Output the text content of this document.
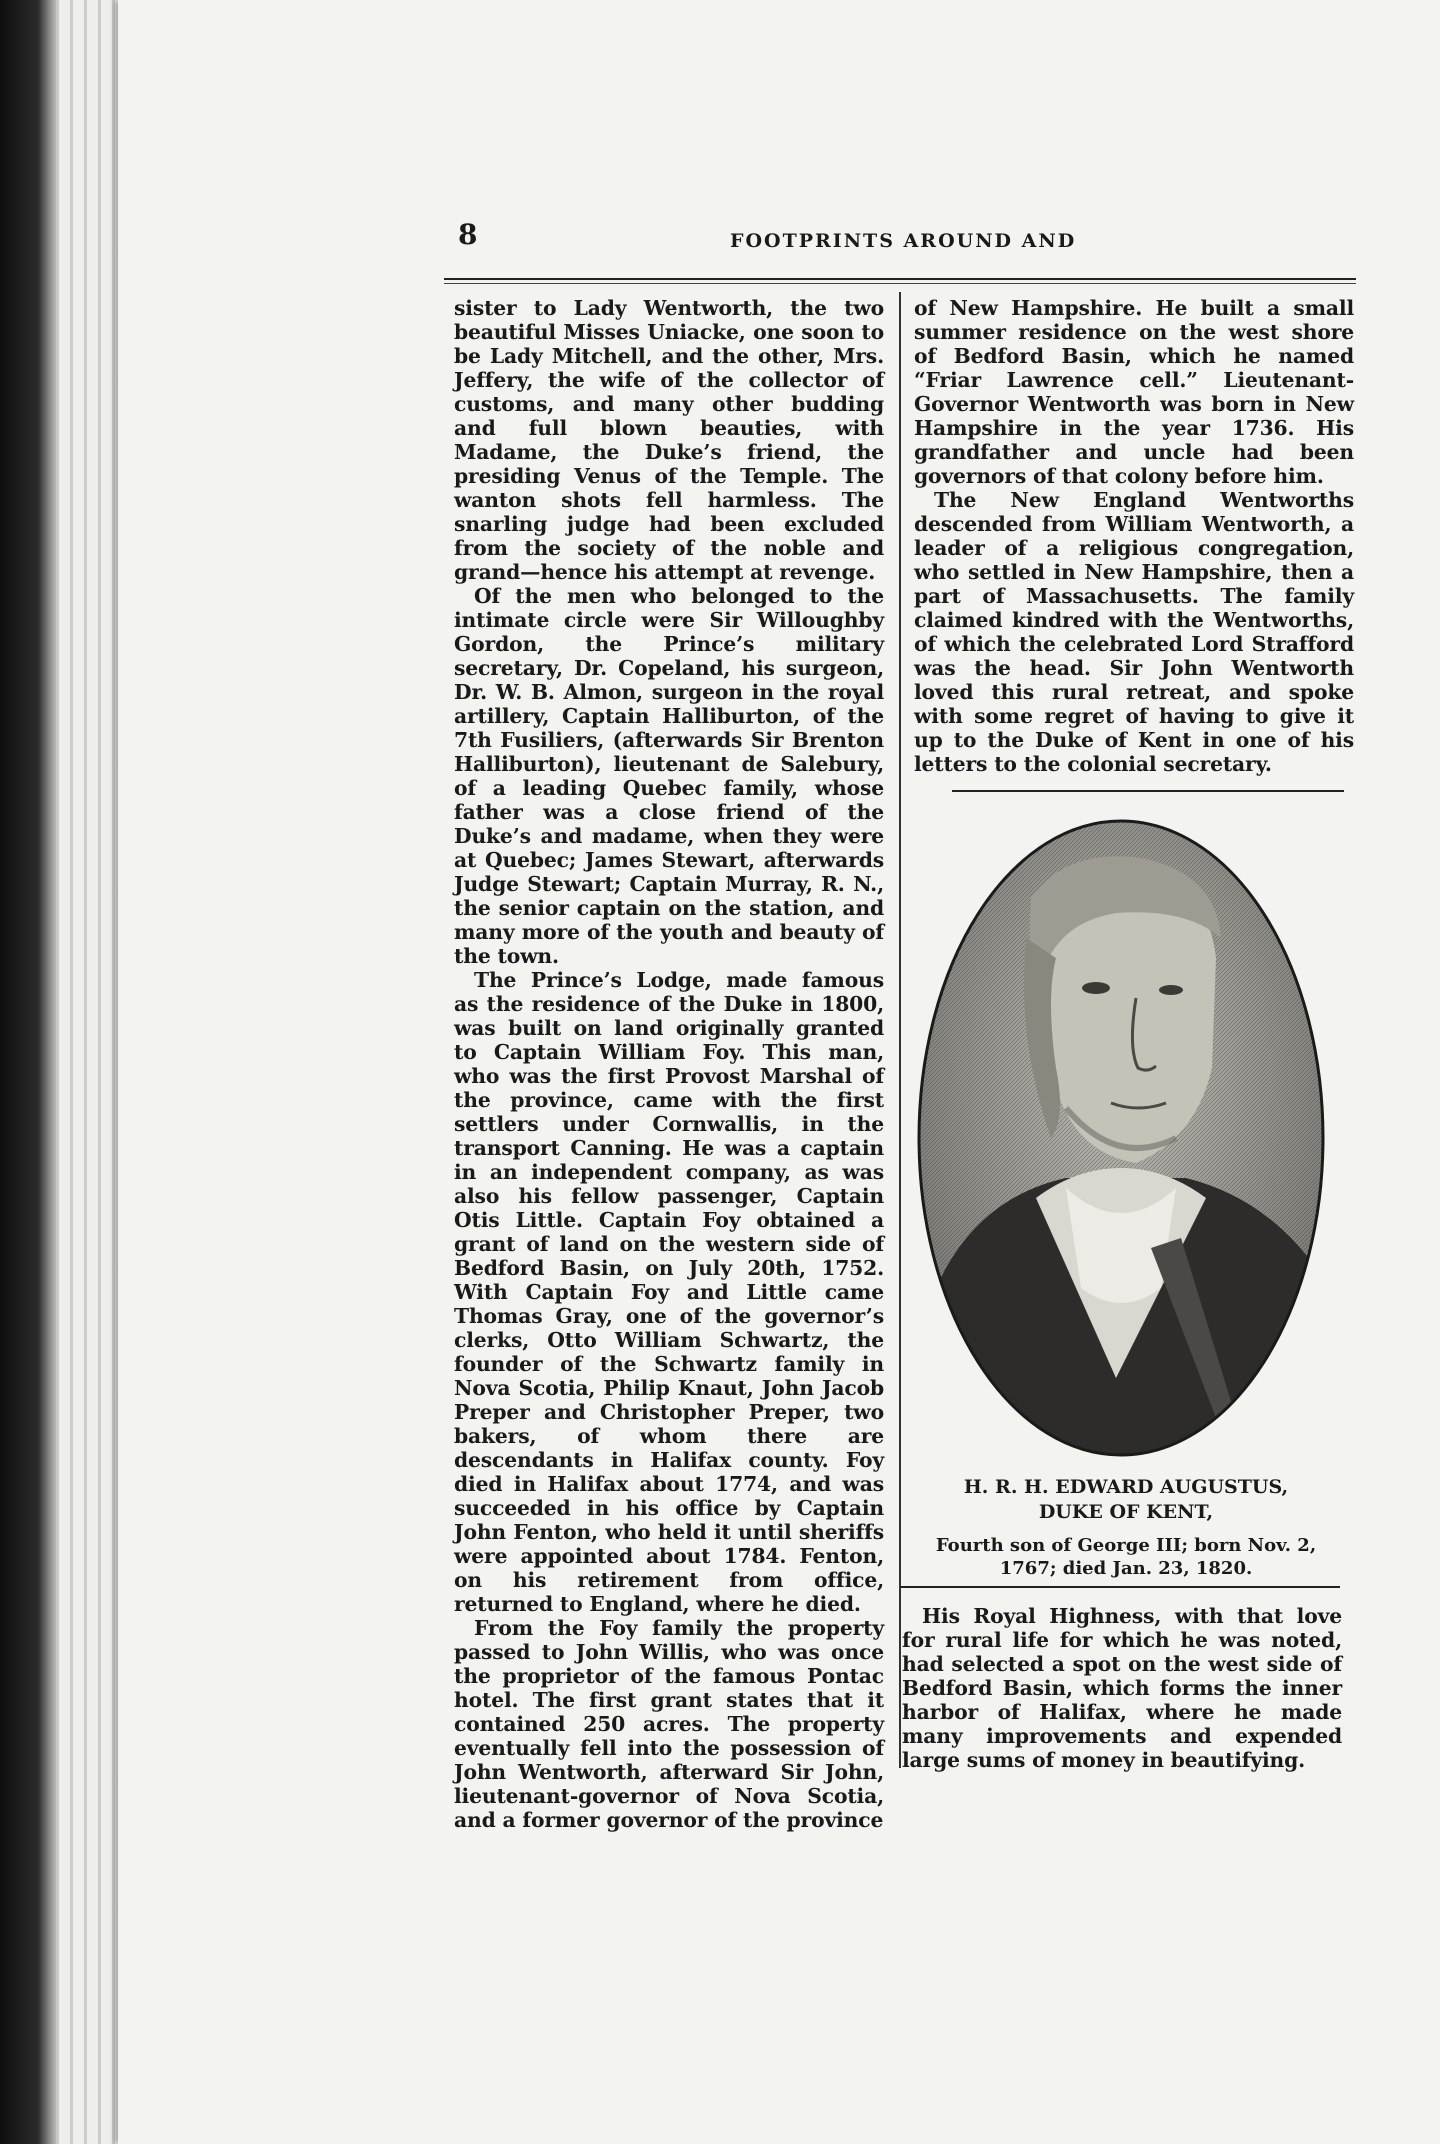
8	FOOTPRINTS AROUND AND

sister to Lady Wentworth, the two beautiful Misses Uniacke, one soon to be Lady Mitchell, and the other, Mrs. Jeffery, the wife of the collector of customs, and many other budding and full blown beauties, with Madame, the Duke’s friend, the presiding Venus of the Temple. The wanton shots fell harmless. The snarling judge had been excluded from the society of the noble and grand—hence his attempt at revenge.

Of the men who belonged to the intimate circle were Sir Willoughby Gordon, the Prince’s military secretary, Dr. Copeland, his surgeon, Dr. W. B. Almon, surgeon in the royal artillery, Captain Halliburton, of the 7th Fusiliers, (afterwards Sir Brenton Halliburton), lieutenant de Salebury, of a leading Quebec family, whose father was a close friend of the Duke’s and madame, when they were at Quebec; James Stewart, afterwards Judge Stewart; Captain Murray, R. N., the senior captain on the station, and many more of the youth and beauty of the town.

The Prince’s Lodge, made famous as the residence of the Duke in 1800, was built on land originally granted to Captain William Foy. This man, who was the first Provost Marshal of the province, came with the first settlers under Cornwallis, in the transport Canning. He was a captain in an independent company, as was also his fellow passenger, Captain Otis Little. Captain Foy obtained a grant of land on the western side of Bedford Basin, on July 20th, 1752. With Captain Foy and Little came Thomas Gray, one of the governor’s clerks, Otto William Schwartz, the founder of the Schwartz family in Nova Scotia, Philip Knaut, John Jacob Preper and Christopher Preper, two bakers, of whom there are descendants in Halifax county. Foy died in Halifax about 1774, and was succeeded in his office by Captain John Fenton, who held it until sheriffs were appointed about 1784. Fenton, on his retirement from office, returned to England, where he died.

From the Foy family the property passed to John Willis, who was once the proprietor of the famous Pontac hotel. The first grant states that it contained 250 acres. The property eventually fell into the possession of John Wentworth, afterward Sir John, lieutenant-governor of Nova Scotia, and a former governor of the province

of New Hampshire. He built a small summer residence on the west shore of Bedford Basin, which he named “Friar Lawrence cell.” Lieutenant-Governor Wentworth was born in New Hampshire in the year 1736. His grandfather and uncle had been governors of that colony before him.

The New England Wentworths descended from William Wentworth, a leader of a religious congregation, who settled in New Hampshire, then a part of Massachusetts. The family claimed kindred with the Wentworths, of which the celebrated Lord Strafford was the head. Sir John Wentworth loved this rural retreat, and spoke with some regret of having to give it up to the Duke of Kent in one of his letters to the colonial secretary.

H. R. H. EDWARD AUGUSTUS,
DUKE OF KENT,
Fourth son of George III; born Nov. 2, 1767; died Jan. 23, 1820.

His Royal Highness, with that love for rural life for which he was noted, had selected a spot on the west side of Bedford Basin, which forms the inner harbor of Halifax, where he made many improvements and expended large sums of money in beautifying.
